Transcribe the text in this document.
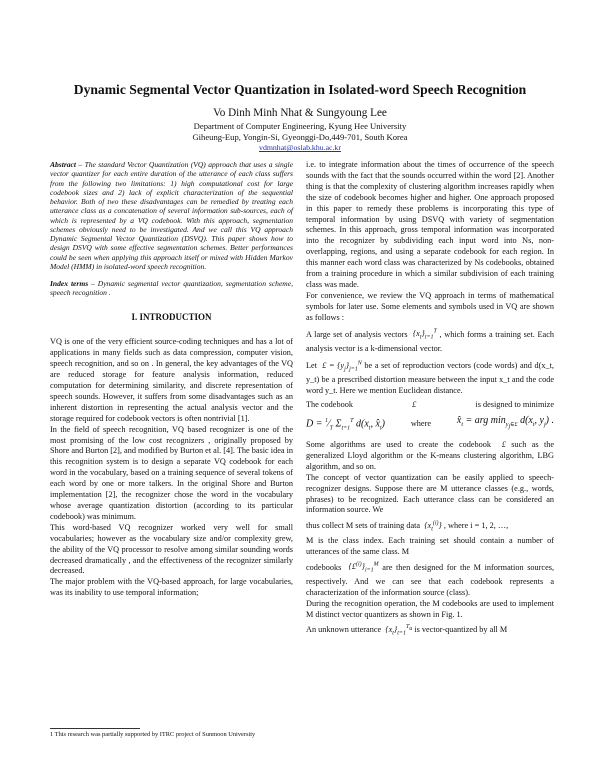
Dynamic Segmental Vector Quantization in Isolated-word Speech Recognition
Vo Dinh Minh Nhat & Sungyoung Lee
Department of Computer Engineering, Kyung Hee University
Giheung-Eup, Yongin-Si, Gyeonggi-Do,449-701, South Korea
vdmnhat@oslab.khu.ac.kr

Abstract – The standard Vector Quantization (VQ) approach that uses a single vector quantizer for each entire duration of the utterance of each class suffers from the following two limitations: 1) high computational cost for large codebook sizes and 2) lack of explicit characterization of the sequential behavior. Both of two these disadvantages can be remedied by treating each utterance class as a concatenation of several information sub-sources, each of which is represented by a VQ codebook. With this approach, segmentation schemes obviously need to be investigated. And we call this VQ approach Dynamic Segmental Vector Quantization (DSVQ). This paper shows how to design DSVQ with some effective segmentation schemes. Better performances could be seen when applying this approach itself or mixed with Hidden Markov Model (HMM) in isolated-word speech recognition.

Index terms – Dynamic segmental vector quantization, segmentation scheme, speech recognition .

I. INTRODUCTION

VQ is one of the very efficient source-coding techniques and has a lot of applications in many fields such as data compression, computer vision, speech recognition, and so on . In general, the key advantages of the VQ are reduced storage for feature analysis information, reduced computation for determining similarity, and discrete representation of speech sounds. However, it suffers from some disadvantages such as an inherent distortion in representing the actual analysis vector and the storage required for codebook vectors is often nontrivial [1].

In the field of speech recognition, VQ based recognizer is one of the most promising of the low cost recognizers , originally proposed by Shore and Burton [2], and modified by Burton et al. [4]. The basic idea in this recognition system is to design a separate VQ codebook for each word in the vocabulary, based on a training sequence of several tokens of each word by one or more talkers. In the original Shore and Burton implementation [2], the recognizer chose the word in the vocabulary whose average quantization distortion (according to its particular codebook) was minimum.

This word-based VQ recognizer worked very well for small vocabularies; however as the vocabulary size and/or complexity grew, the ability of the VQ processor to resolve among similar sounding words decreased dramatically , and the effectiveness of the recognizer similarly decreased.

The major problem with the VQ-based approach, for large vocabularies, was its inability to use temporal information;

i.e. to integrate information about the times of occurrence of the speech sounds with the fact that the sounds occurred within the word [2]. Another thing is that the complexity of clustering algorithm increases rapidly when the size of codebook becomes higher and higher. One approach proposed in this paper to remedy these problems is incorporating this type of temporal information by using DSVQ with variety of segmentation schemes. In this approach, gross temporal information was incorporated into the recognizer by subdividing each input word into Ns, non-overlapping, regions, and using a separate codebook for each region. In this manner each word class was characterized by Ns codebooks, obtained from a training procedure in which a similar subdivision of each training class was made.

For convenience, we review the VQ approach in terms of mathematical symbols for later use. Some elements and symbols used in VQ are shown as follows :

A large set of analysis vectors  $\{x_t\}_{t=1}^T$ , which forms a training set. Each analysis vector is a k-dimensional vector.

Let  £ = $\{y_j\}_{j=1}^N$ be a set of reproduction vectors (code words) and d(x_t, y_t) be a prescribed distortion measure between the input x_t and the code word y_t. Here we mention Euclidean distance.

The codebook	£	is designed to minimize

$D = ^1⁄_T$ $\Sigma_{t=1}^T$ $d(x_t$, $x̂_t$)	where	$x̂_t$ = arg $\min_{y_j\in£} d(x_t$, $y_j$) .

Some algorithms are used to create the codebook  £ such as the generalized Lloyd algorithm or the K-means clustering algorithm, LBG algorithm, and so on.

The concept of vector quantization can be easily applied to speech-recognizer designs. Suppose there are M utterance classes (e.g., words, phrases) to be recognized. Each utterance class can be considered an information source. We

thus collect M sets of training data  $\{x_t^{(i)}\}$ , where i = 1, 2, …,

M is the class index. Each training set should contain a number of utterances of the same class. M

codebooks  $\{£^{(i)}\}_{i=1}^M$ are then designed for the M information sources, respectively. And we can see that each codebook represents a characterization of the information source (class).

During the recognition operation, the M codebooks are used to implement M distinct vector quantizers as shown in Fig. 1.

An unknown utterance  $\{x_t\}_{t=1}^{T_u}$ is vector-quantized by all M

1 This research was partially supported by ITRC project of Sunmoon University
